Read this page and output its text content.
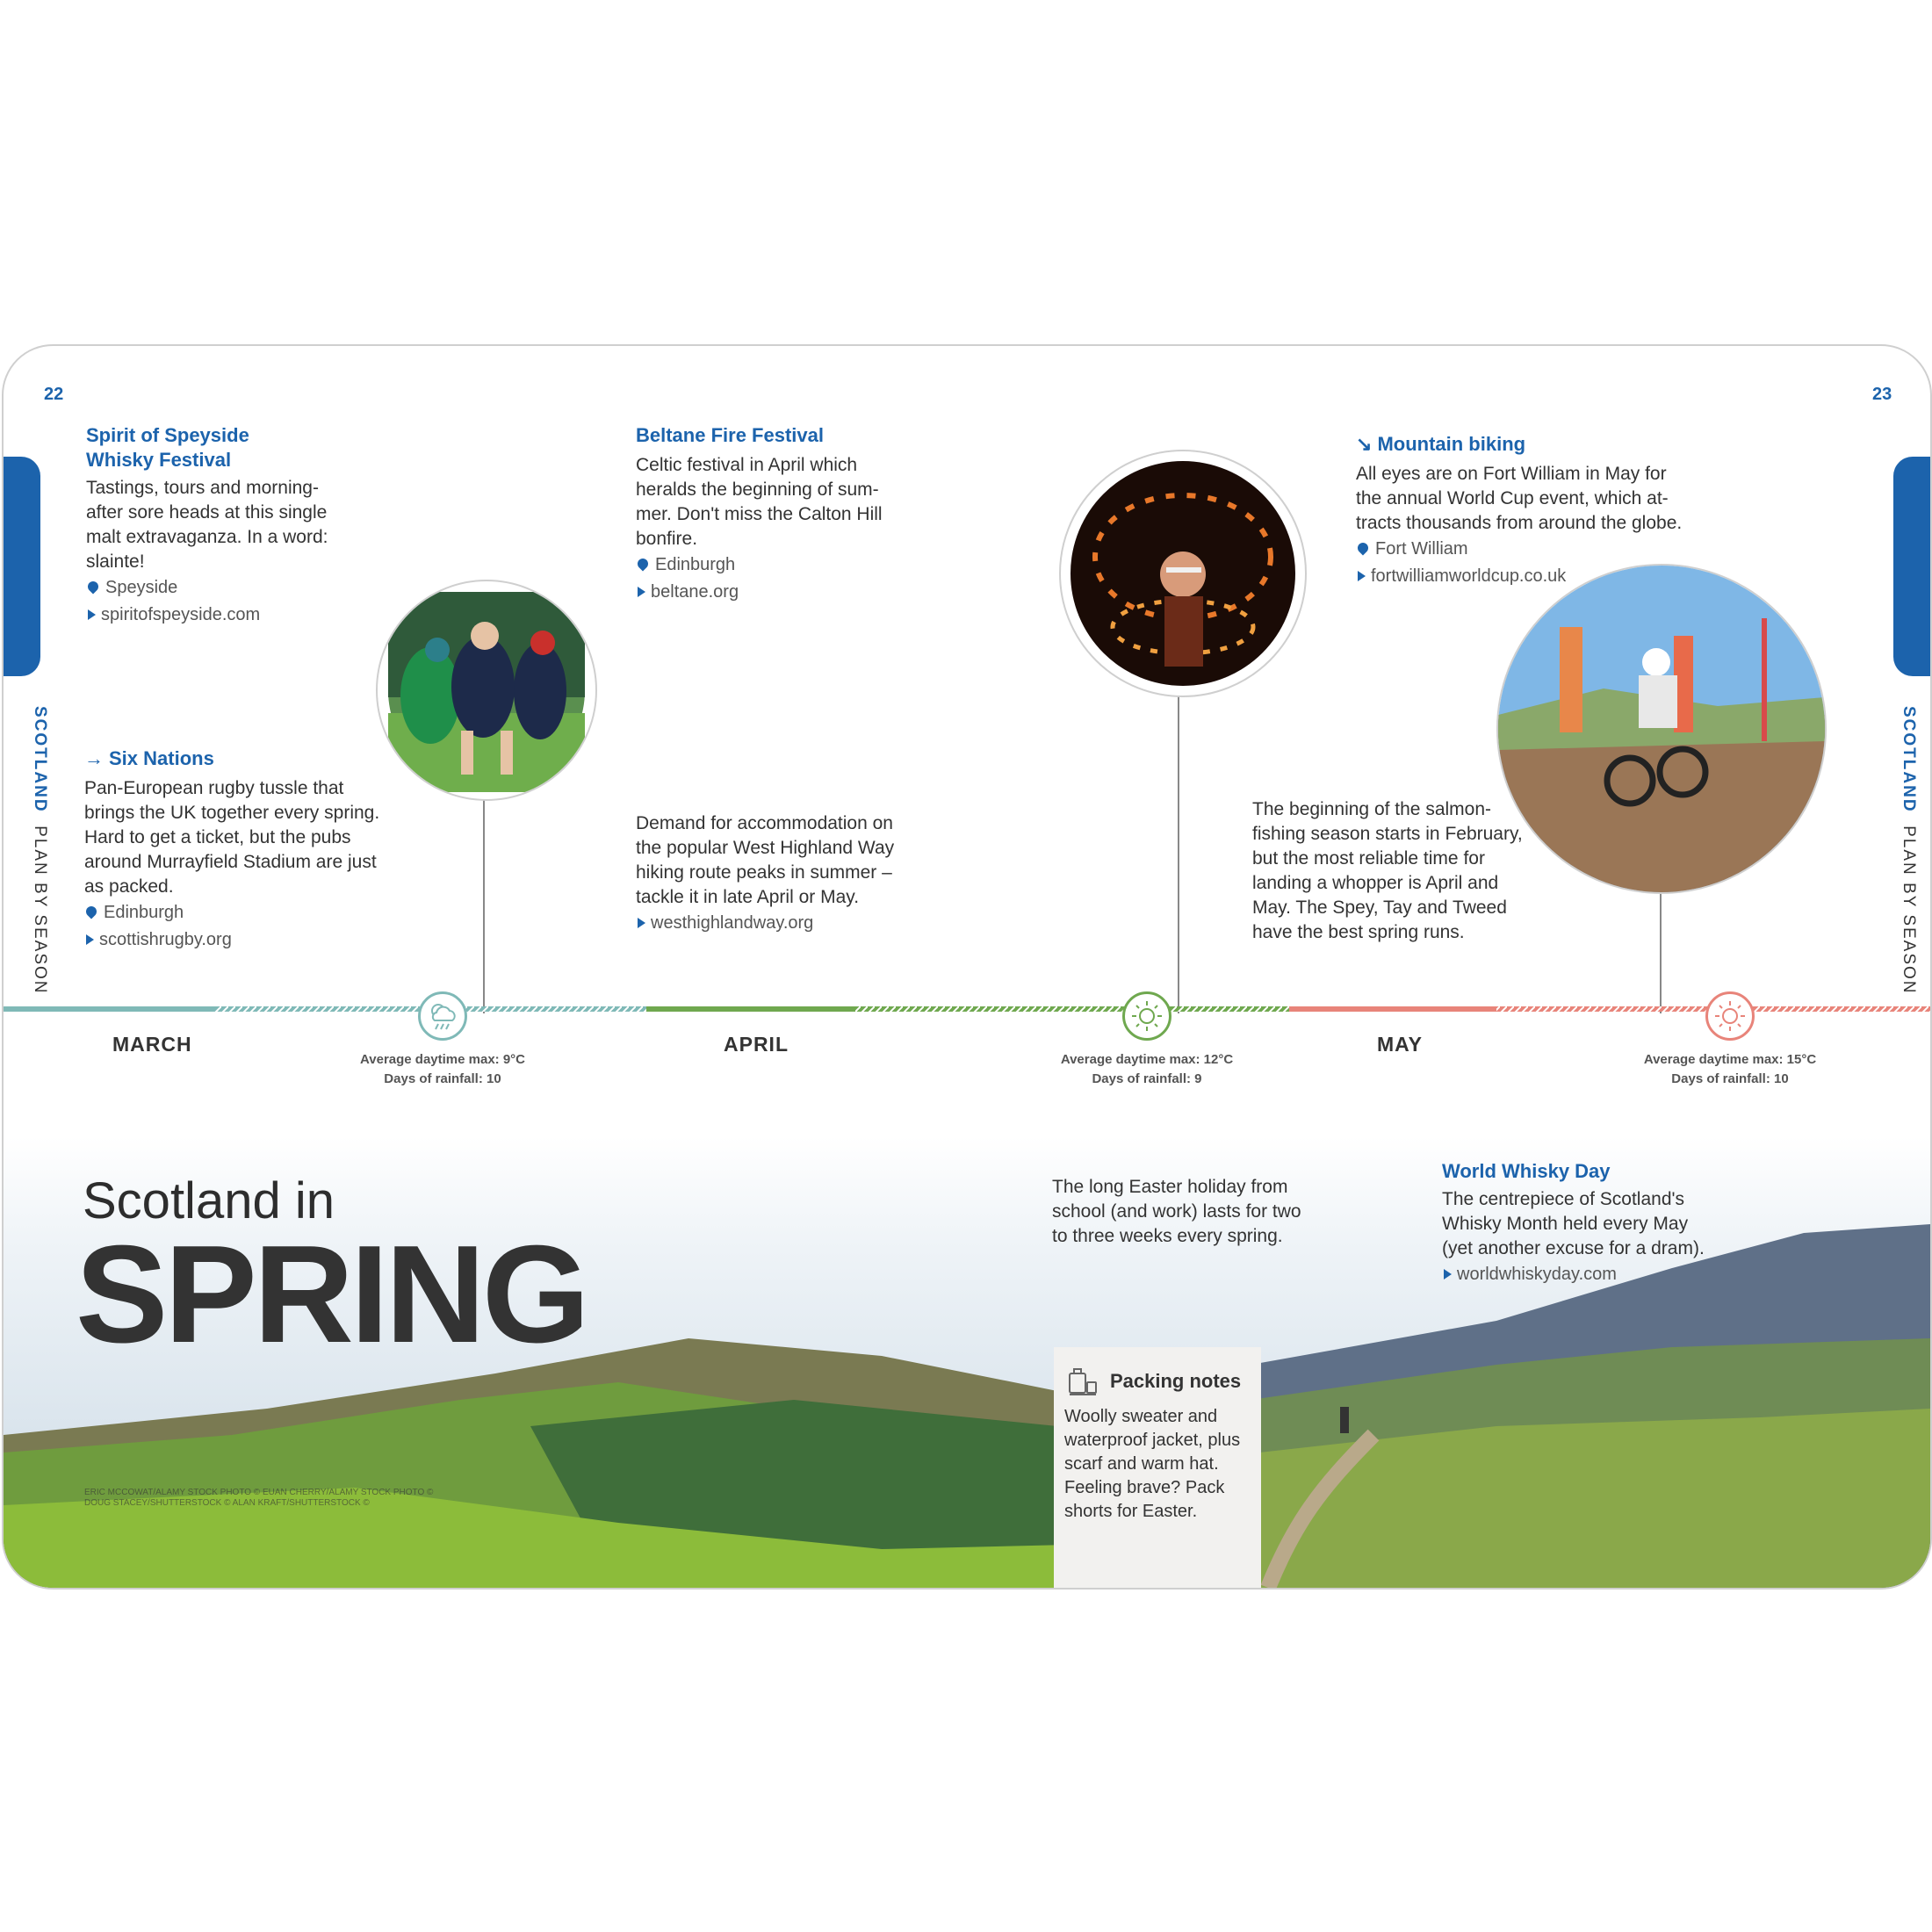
22	23
SCOTLAND  PLAN BY SEASON
SCOTLAND  PLAN BY SEASON

Spirit of Speyside

Whisky Festival

Tastings, tours and morning-

after sore heads at this single

malt extravaganza. In a word:

slainte!

Speyside
spiritofspeyside.com

→ Six Nations

Pan-European rugby tussle that

brings the UK together every spring.

Hard to get a ticket, but the pubs

around Murrayfield Stadium are just

as packed.

Edinburgh
scottishrugby.org

Beltane Fire Festival

Celtic festival in April which

heralds the beginning of sum-

mer. Don't miss the Calton Hill

bonfire.

Edinburgh
beltane.org

Demand for accommodation on

the popular West Highland Way

hiking route peaks in summer –

tackle it in late April or May.

westhighlandway.org

↘ Mountain biking

All eyes are on Fort William in May for

the annual World Cup event, which at-

tracts thousands from around the globe.

Fort William
fortwilliamworldcup.co.uk

The beginning of the salmon-

fishing season starts in February,

but the most reliable time for

landing a whopper is April and

May. The Spey, Tay and Tweed

have the best spring runs.

MARCH	APRIL	MAY
Average daytime max: 9°C
Days of rainfall: 10
Average daytime max: 12°C
Days of rainfall: 9
Average daytime max: 15°C
Days of rainfall: 10
Scotland in
SPRING

The long Easter holiday from

school (and work) lasts for two

to three weeks every spring.

World Whisky Day

The centrepiece of Scotland's

Whisky Month held every May

(yet another excuse for a dram).

worldwhiskyday.com
Packing notes

Woolly sweater and

waterproof jacket, plus

scarf and warm hat.

Feeling brave? Pack

shorts for Easter.

ERIC MCCOWAT/ALAMY STOCK PHOTO © EUAN CHERRY/ALAMY STOCK PHOTO ©
DOUG STACEY/SHUTTERSTOCK © ALAN KRAFT/SHUTTERSTOCK ©
